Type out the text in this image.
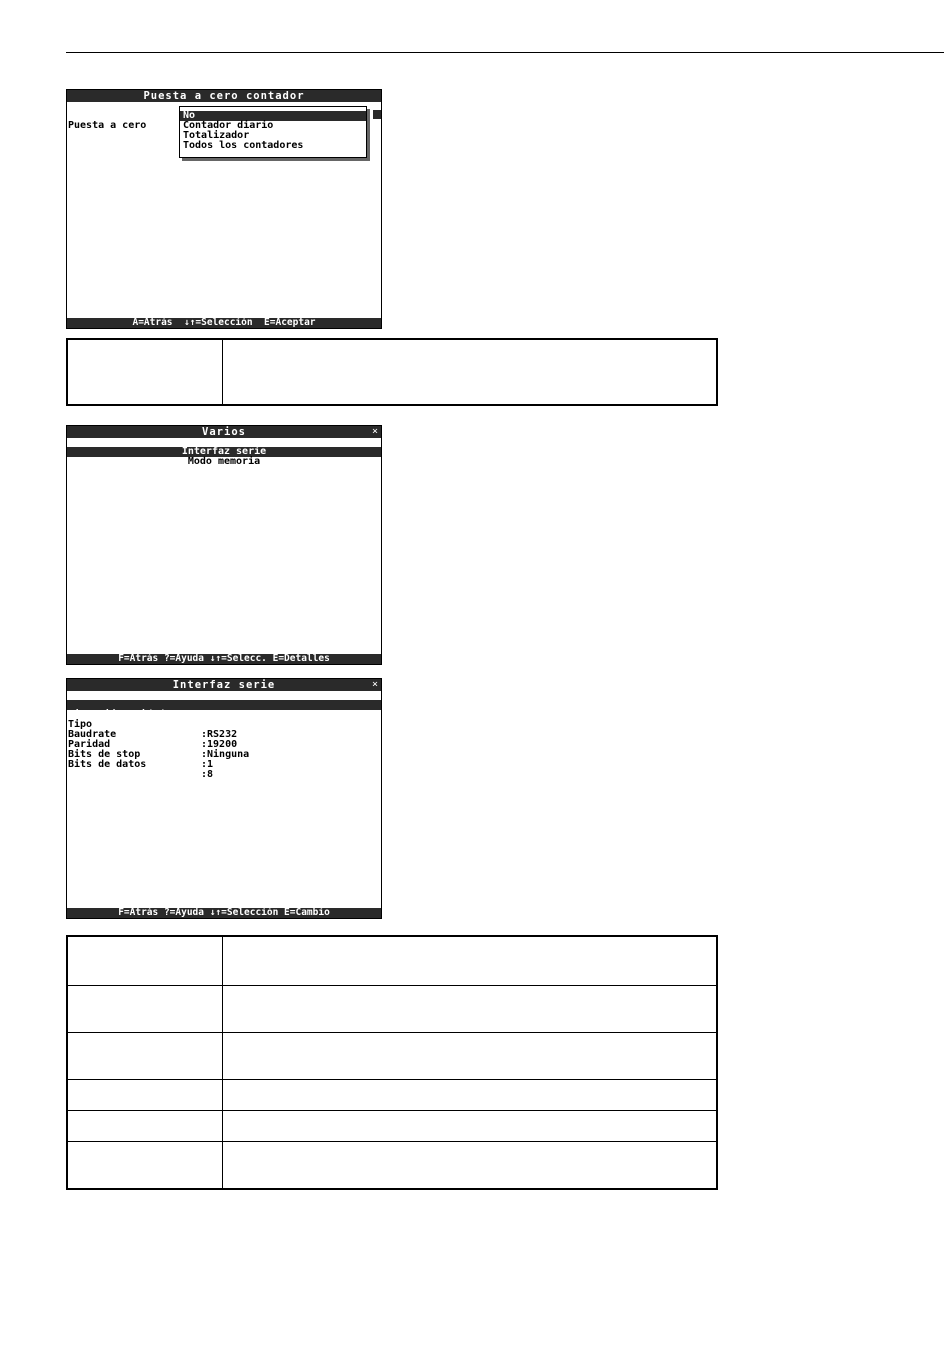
Puesta a cero contador

Puesta a cero

No
Contador diario
Totalizador
Todos los contadores
A=Atrás  ↓↑=Selección  E=Aceptar
Varios	×
Interfaz serie
Modo memoria
F=Atrás ?=Ayuda ↓↑=Selecc. E=Detalles
Interfaz serie	×

Dirección unidad

:01

Tipo

:RS232

Baudrate

:19200

Paridad

:Ninguna

Bits de stop

:1

Bits de datos

:8

F=Atrás ?=Ayuda ↓↑=Selección E=Cambio
